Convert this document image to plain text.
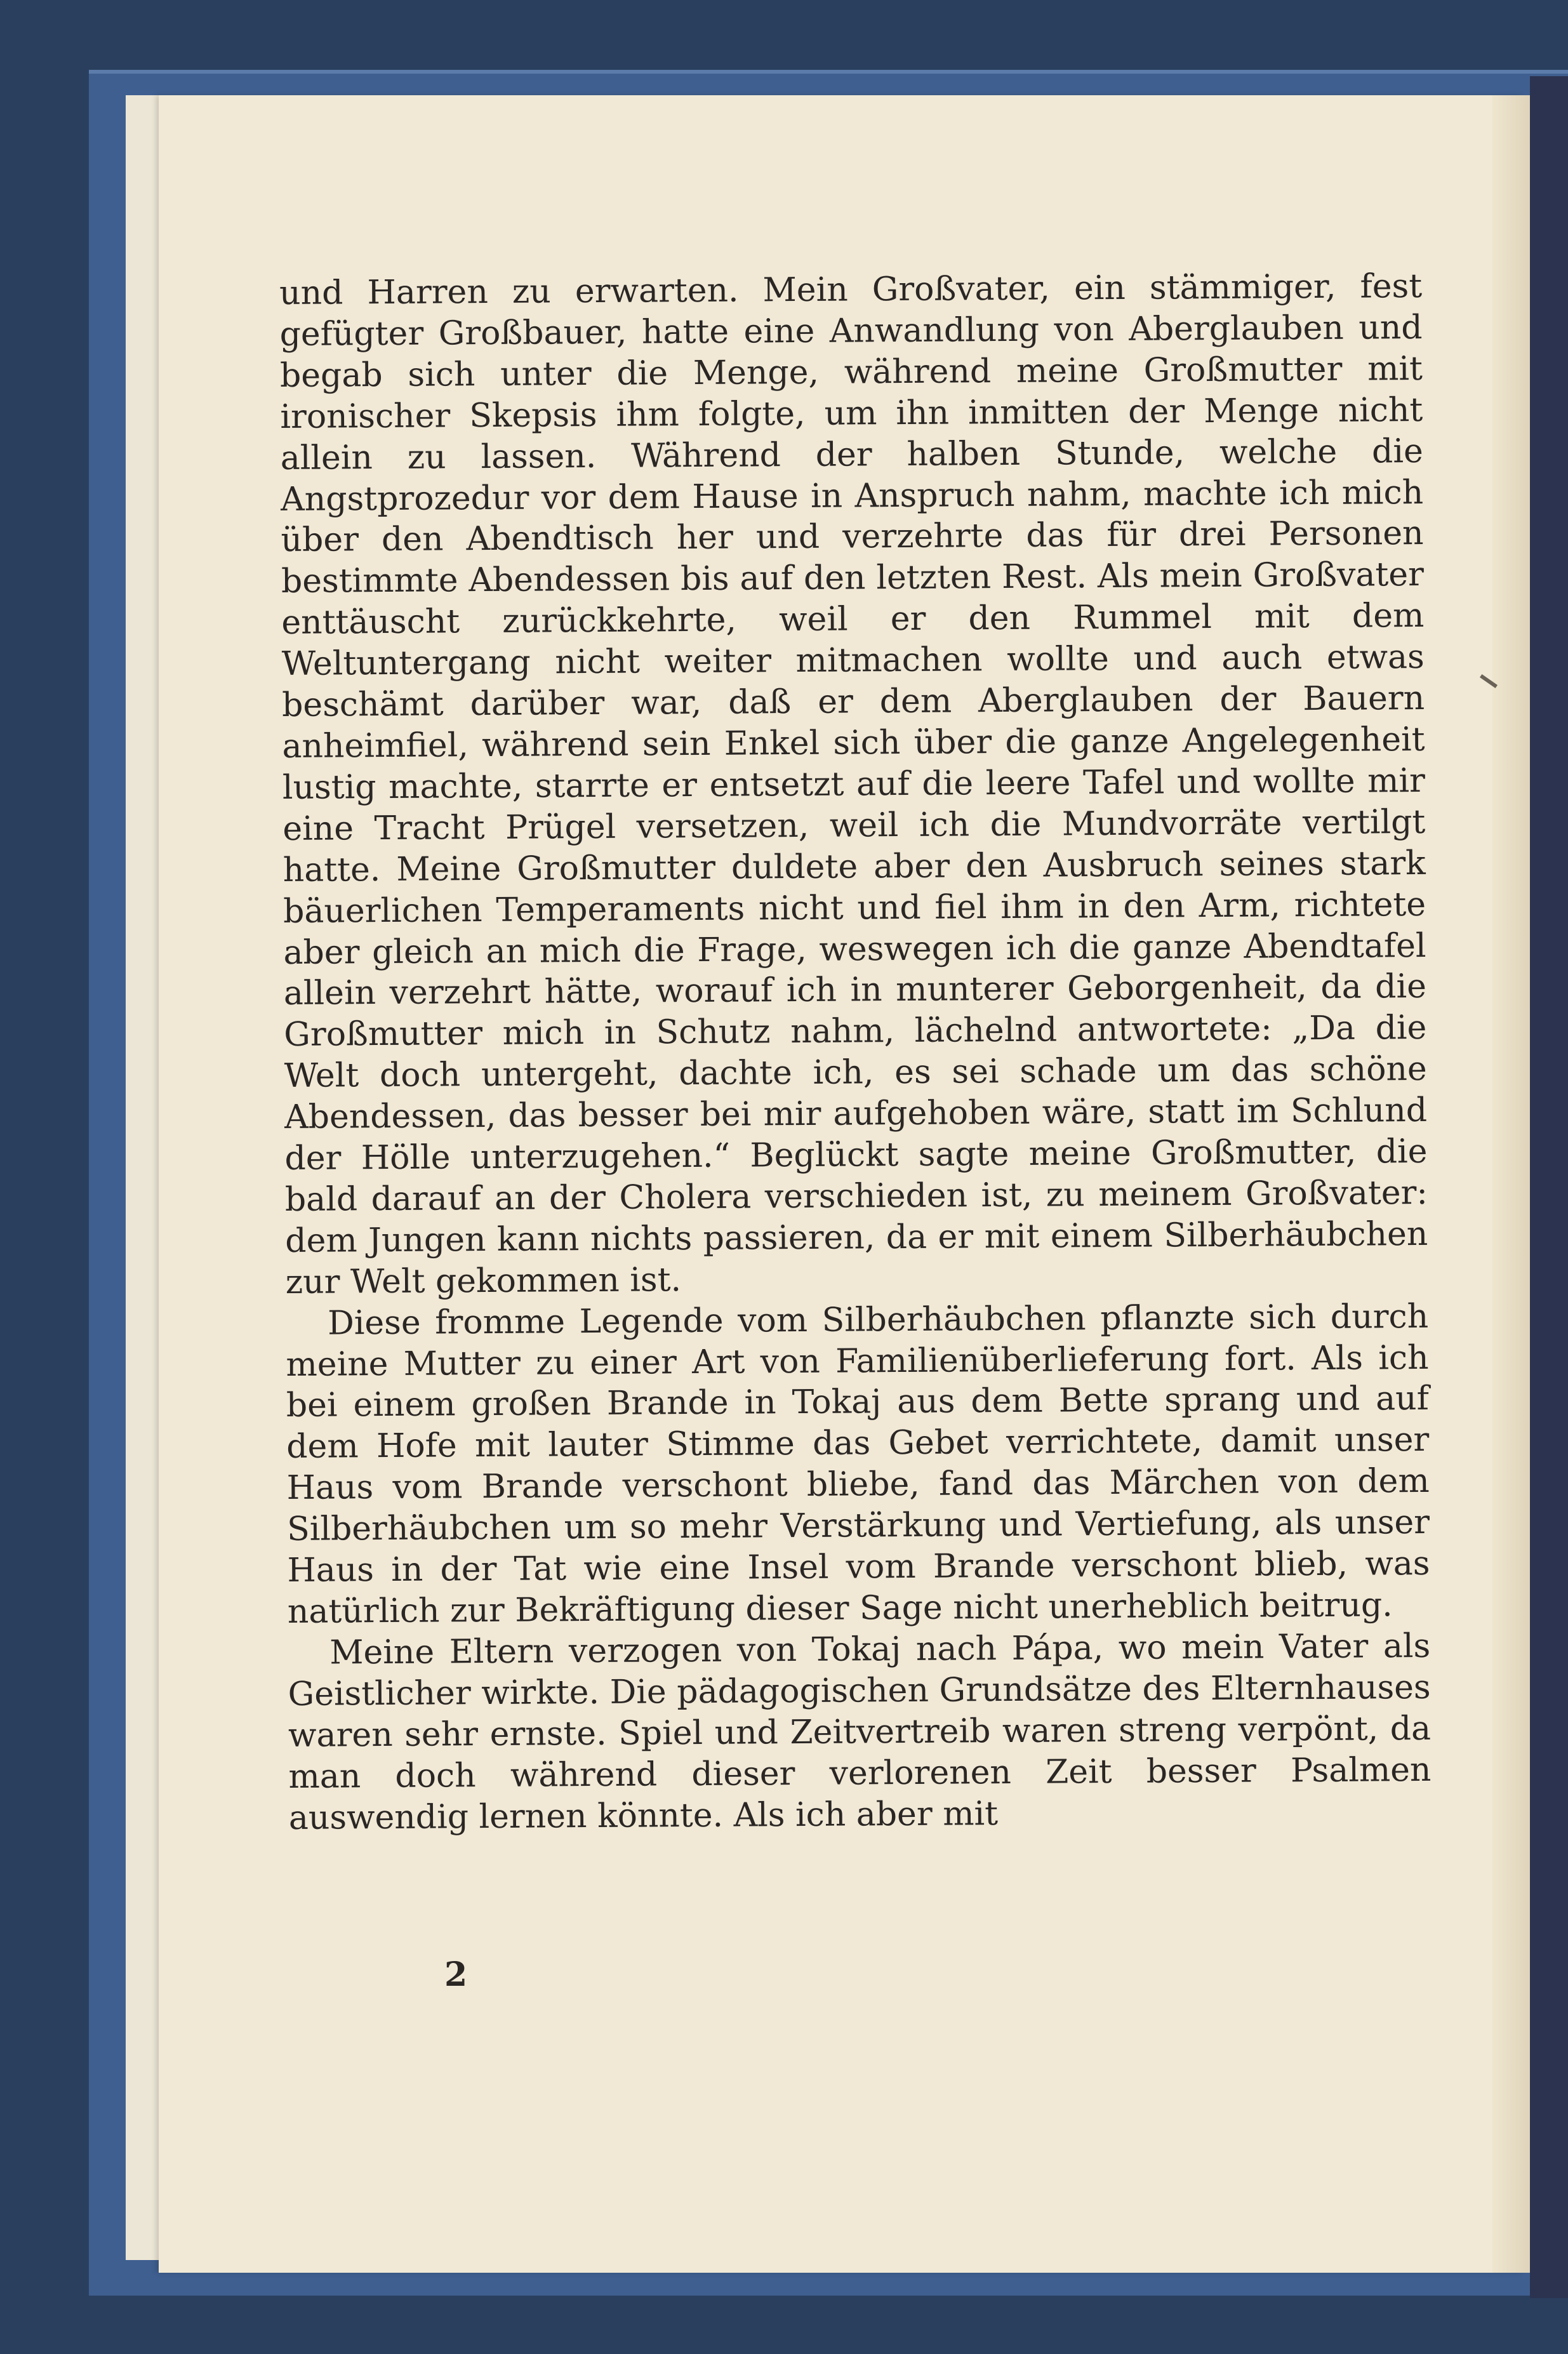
und Harren zu erwarten. Mein Großvater, ein stämmiger, fest gefügter Großbauer, hatte eine Anwandlung von Aberglauben und begab sich unter die Menge, während meine Großmutter mit ironischer Skepsis ihm folgte, um ihn inmitten der Menge nicht allein zu lassen. Während der halben Stunde, welche die Angstprozedur vor dem Hause in Anspruch nahm, machte ich mich über den Abendtisch her und verzehrte das für drei Personen bestimmte Abendessen bis auf den letzten Rest. Als mein Großvater enttäuscht zurückkehrte, weil er den Rummel mit dem Weltuntergang nicht weiter mitmachen wollte und auch etwas beschämt darüber war, daß er dem Aberglauben der Bauern anheimfiel, während sein Enkel sich über die ganze Angelegenheit lustig machte, starrte er entsetzt auf die leere Tafel und wollte mir eine Tracht Prügel versetzen, weil ich die Mundvorräte vertilgt hatte. Meine Großmutter duldete aber den Ausbruch seines stark bäuerlichen Temperaments nicht und fiel ihm in den Arm, richtete aber gleich an mich die Frage, weswegen ich die ganze Abendtafel allein verzehrt hätte, worauf ich in munterer Geborgenheit, da die Großmutter mich in Schutz nahm, lächelnd antwortete: „Da die Welt doch untergeht, dachte ich, es sei schade um das schöne Abendessen, das besser bei mir aufgehoben wäre, statt im Schlund der Hölle unterzugehen.“ Beglückt sagte meine Großmutter, die bald darauf an der Cholera verschieden ist, zu meinem Großvater: dem Jungen kann nichts passieren, da er mit einem Silberhäubchen zur Welt gekommen ist.

Diese fromme Legende vom Silberhäubchen pflanzte sich durch meine Mutter zu einer Art von Familienüberlieferung fort. Als ich bei einem großen Brande in Tokaj aus dem Bette sprang und auf dem Hofe mit lauter Stimme das Gebet verrichtete, damit unser Haus vom Brande verschont bliebe, fand das Märchen von dem Silberhäubchen um so mehr Verstärkung und Vertiefung, als unser Haus in der Tat wie eine Insel vom Brande verschont blieb, was natürlich zur Bekräftigung dieser Sage nicht unerheblich beitrug.

Meine Eltern verzogen von Tokaj nach Pápa, wo mein Vater als Geistlicher wirkte. Die pädagogischen Grundsätze des Elternhauses waren sehr ernste. Spiel und Zeitvertreib waren streng verpönt, da man doch während dieser verlorenen Zeit besser Psalmen auswendig lernen könnte. Als ich aber mit

2
